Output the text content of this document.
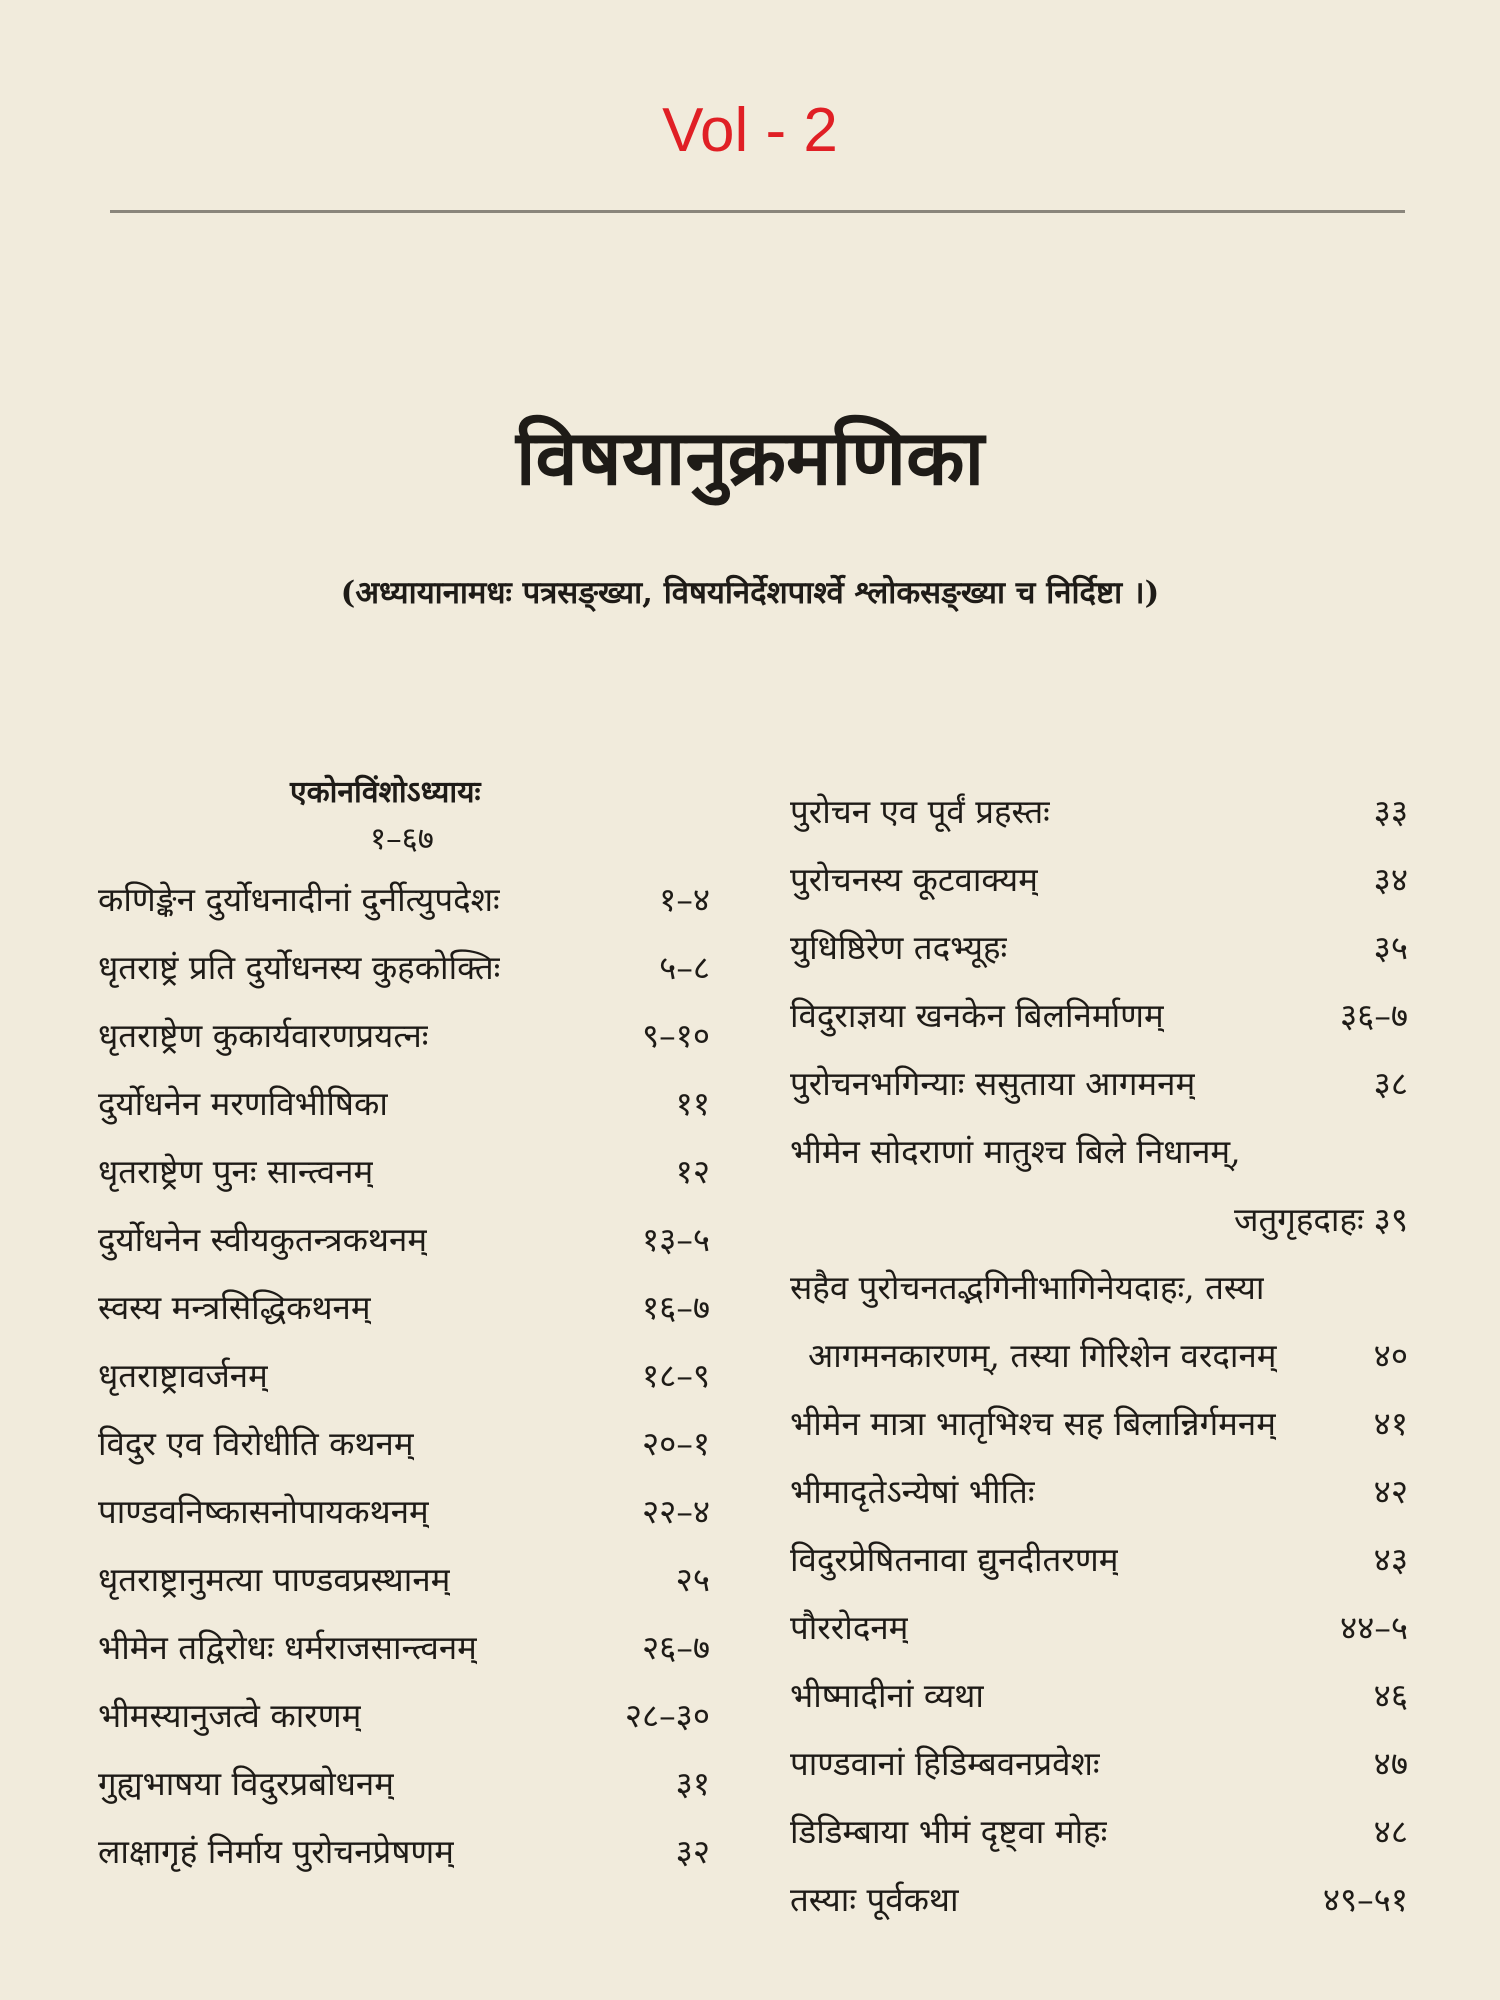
Vol - 2
विषयानुक्रमणिका
(अध्यायानामधः पत्रसङ्ख्या, विषयनिर्देशपार्श्वे श्लोकसङ्ख्या च निर्दिष्टा ।)
एकोनविंशोऽध्यायः
१–६७
कणिङ्केन दुर्योधनादीनां दुर्नीत्युपदेशः	१–४
धृतराष्ट्रं प्रति दुर्योधनस्य कुहकोक्तिः	५–८
धृतराष्ट्रेण कुकार्यवारणप्रयत्नः	९–१०
दुर्योधनेन मरणविभीषिका	११
धृतराष्ट्रेण पुनः सान्त्वनम्	१२
दुर्योधनेन स्वीयकुतन्त्रकथनम्	१३–५
स्वस्य मन्त्रसिद्धिकथनम्	१६–७
धृतराष्ट्रावर्जनम्	१८–९
विदुर एव विरोधीति कथनम्	२०–१
पाण्डवनिष्कासनोपायकथनम्	२२–४
धृतराष्ट्रानुमत्या पाण्डवप्रस्थानम्	२५
भीमेन तद्विरोधः धर्मराजसान्त्वनम्	२६–७
भीमस्यानुजत्वे कारणम्	२८–३०
गुह्यभाषया विदुरप्रबोधनम्	३१
लाक्षागृहं निर्माय पुरोचनप्रेषणम्	३२
पुरोचन एव पूर्वं प्रहस्तः	३३
पुरोचनस्य कूटवाक्यम्	३४
युधिष्ठिरेण तदभ्यूहः	३५
विदुराज्ञया खनकेन बिलनिर्माणम्	३६–७
पुरोचनभगिन्याः ससुताया आगमनम्	३८
भीमेन सोदराणां मातुश्च बिले निधानम्,
जतुगृहदाहः ३९
सहैव पुरोचनतद्भगिनीभागिनेयदाहः, तस्या
आगमनकारणम्, तस्या गिरिशेन वरदानम्	४०
भीमेन मात्रा भातृभिश्च सह बिलान्निर्गमनम्	४१
भीमादृतेऽन्येषां भीतिः	४२
विदुरप्रेषितनावा द्युनदीतरणम्	४३
पौररोदनम्	४४–५
भीष्मादीनां व्यथा	४६
पाण्डवानां हिडिम्बवनप्रवेशः	४७
डिडिम्बाया भीमं दृष्ट्वा मोहः	४८
तस्याः पूर्वकथा	४९–५१
